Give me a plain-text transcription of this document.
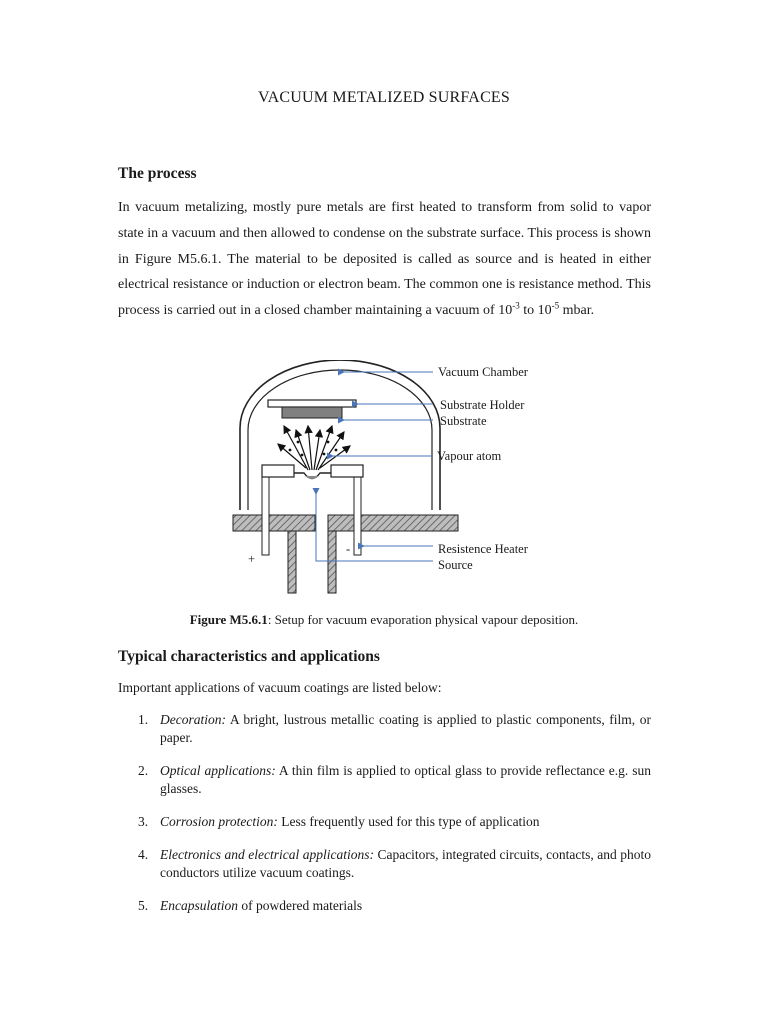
VACUUM METALIZED SURFACES
The process
In vacuum metalizing, mostly pure metals are first heated to transform from solid to vapor state in a vacuum and then allowed to condense on the substrate surface. This process is shown in Figure M5.6.1. The material to be deposited is called as source and is heated in either electrical resistance or induction or electron beam. The common one is resistance method. This process is carried out in a closed chamber maintaining a vacuum of $10^{-3}$ to $10^{-5}$ mbar.
Vacuum Chamber
Substrate Holder
Substrate
Vapour atom
Resistence Heater
Source
+
-
Figure M5.6.1: Setup for vacuum evaporation physical vapour deposition.
Typical characteristics and applications
Important applications of vacuum coatings are listed below:
1. Decoration: A bright, lustrous metallic coating is applied to plastic components, film, or paper.
2. Optical applications: A thin film is applied to optical glass to provide reflectance e.g. sun glasses.
3. Corrosion protection: Less frequently used for this type of application
4. Electronics and electrical applications: Capacitors, integrated circuits, contacts, and photo conductors utilize vacuum coatings.
5. Encapsulation of powdered materials
